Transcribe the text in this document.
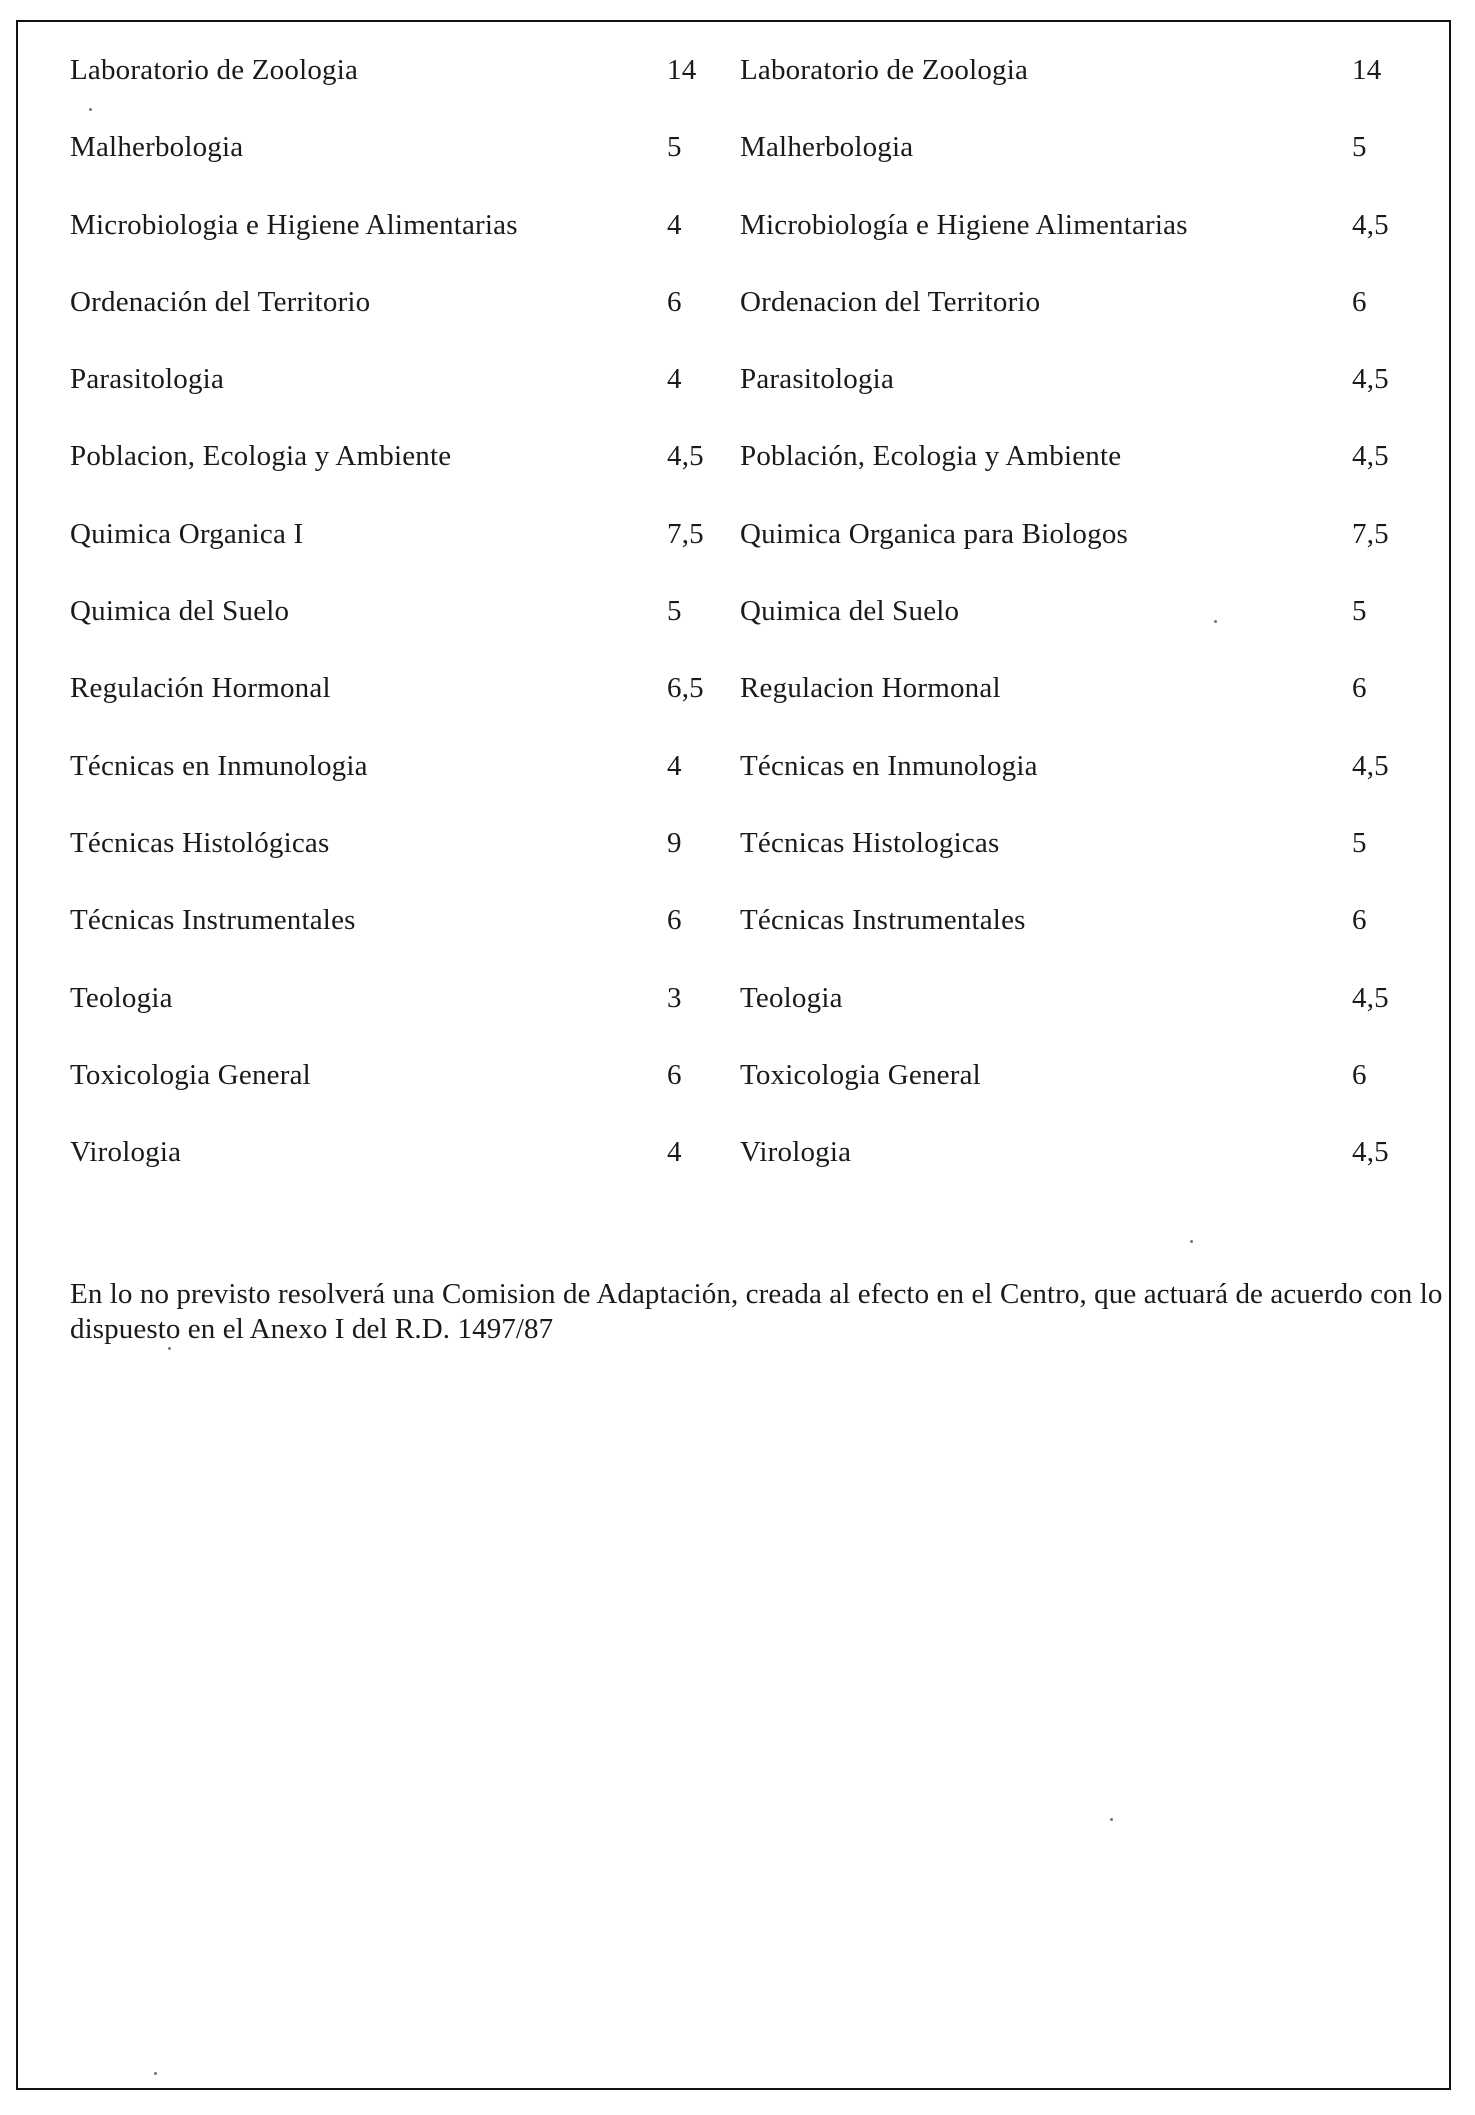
Laboratorio de Zoologia	14 Laboratorio de Zoologia	14
Malherbologia	5 Malherbologia	5
Microbiologia e Higiene Alimentarias	4 Microbiología e Higiene Alimentarias	4,5
Ordenación del Territorio	6 Ordenacion del Territorio	6
Parasitologia	4 Parasitologia	4,5
Poblacion, Ecologia y Ambiente	4,5 Población, Ecologia y Ambiente	4,5
Quimica Organica I	7,5 Quimica Organica para Biologos	7,5
Quimica del Suelo	5 Quimica del Suelo	5
Regulación Hormonal	6,5 Regulacion Hormonal	6
Técnicas en Inmunologia	4 Técnicas en Inmunologia	4,5
Técnicas Histológicas	9 Técnicas Histologicas	5
Técnicas Instrumentales	6 Técnicas Instrumentales	6
Teologia	3 Teologia	4,5
Toxicologia General	6 Toxicologia General	6
Virologia	4 Virologia	4,5

En lo no previsto resolverá una Comision de Adaptación, creada al efecto en el Centro, que actuará de acuerdo con lo dispuesto en el Anexo I del R.D. 1497/87
